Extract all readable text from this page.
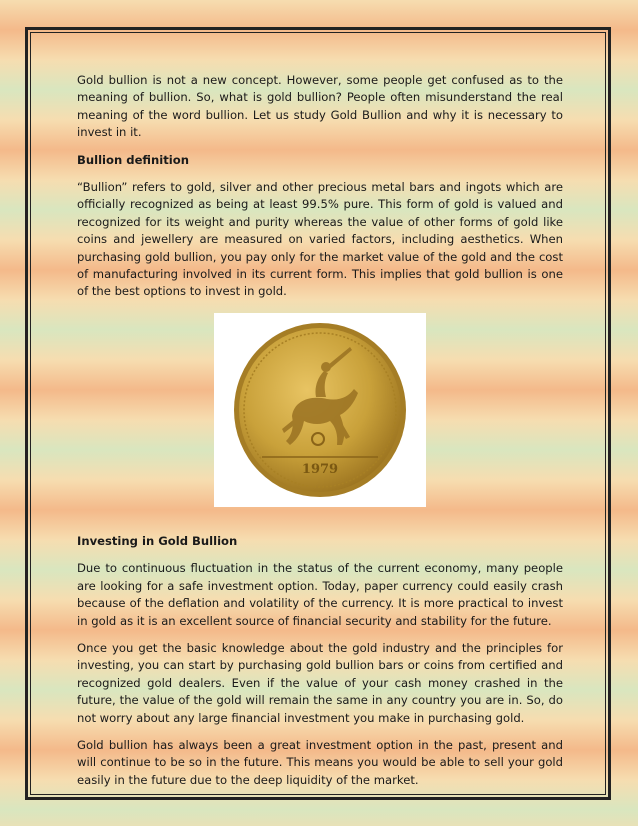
Gold bullion is not a new concept. However, some people get confused as to the meaning of bullion. So, what is gold bullion? People often misunderstand the real meaning of the word bullion. Let us study Gold Bullion and why it is necessary to invest in it.

Bullion definition

“Bullion” refers to gold, silver and other precious metal bars and ingots which are officially recognized as being at least 99.5% pure. This form of gold is valued and recognized for its weight and purity whereas the value of other forms of gold like coins and jewellery are measured on varied factors, including aesthetics. When purchasing gold bullion, you pay only for the market value of the gold and the cost of manufacturing involved in its current form. This implies that gold bullion is one of the best options to invest in gold.

1979
Investing in Gold Bullion

Due to continuous fluctuation in the status of the current economy, many people are looking for a safe investment option. Today, paper currency could easily crash because of the deflation and volatility of the currency. It is more practical to invest in gold as it is an excellent source of financial security and stability for the future.

Once you get the basic knowledge about the gold industry and the principles for investing, you can start by purchasing gold bullion bars or coins from certified and recognized gold dealers. Even if the value of your cash money crashed in the future, the value of the gold will remain the same in any country you are in. So, do not worry about any large financial investment you make in purchasing gold.

Gold bullion has always been a great investment option in the past, present and will continue to be so in the future. This means you would be able to sell your gold easily in the future due to the deep liquidity of the market.
